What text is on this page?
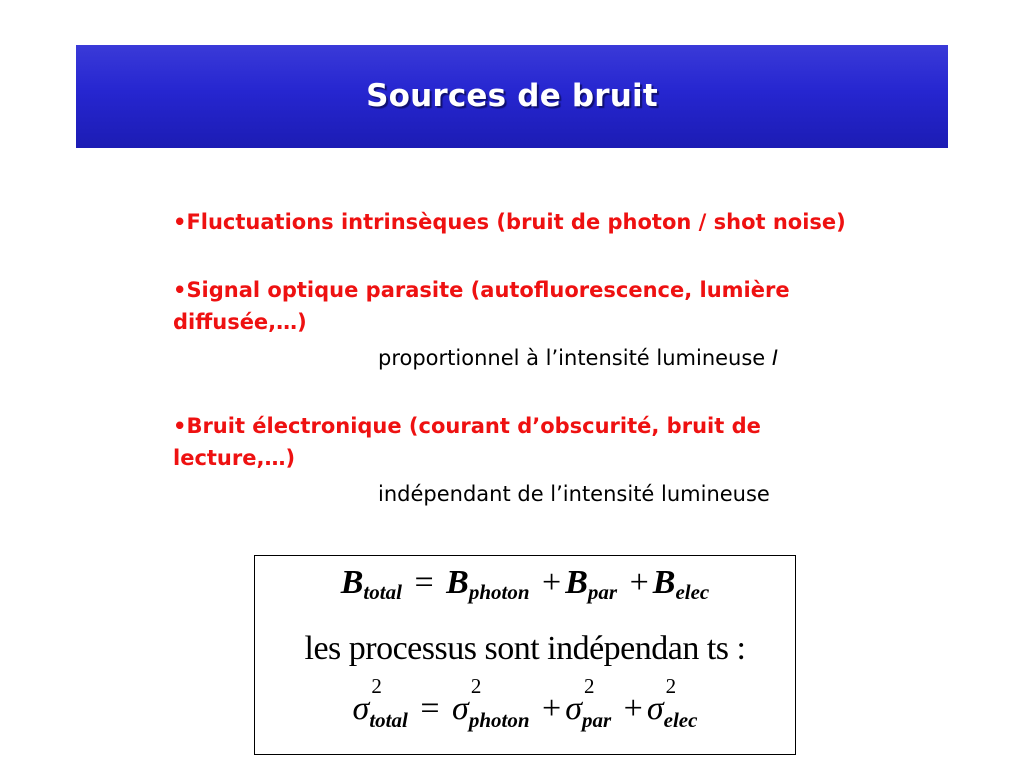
Sources de bruit
•Fluctuations intrinsèques (bruit de photon / shot noise)
•Signal optique parasite (autofluorescence, lumière
diffusée,…)
proportionnel à l’intensité lumineuse I
•Bruit électronique (courant d’obscurité, bruit de
lecture,…)
indépendant de l’intensité lumineuse
Btotal = Bphoton + Bpar + Belec
les processus sont indépendan ts :
σ
2
$_{total}$ = σ
2
$_{photon}$ + σ
2
$_{par}$ + σ
2
$_{elec}$
